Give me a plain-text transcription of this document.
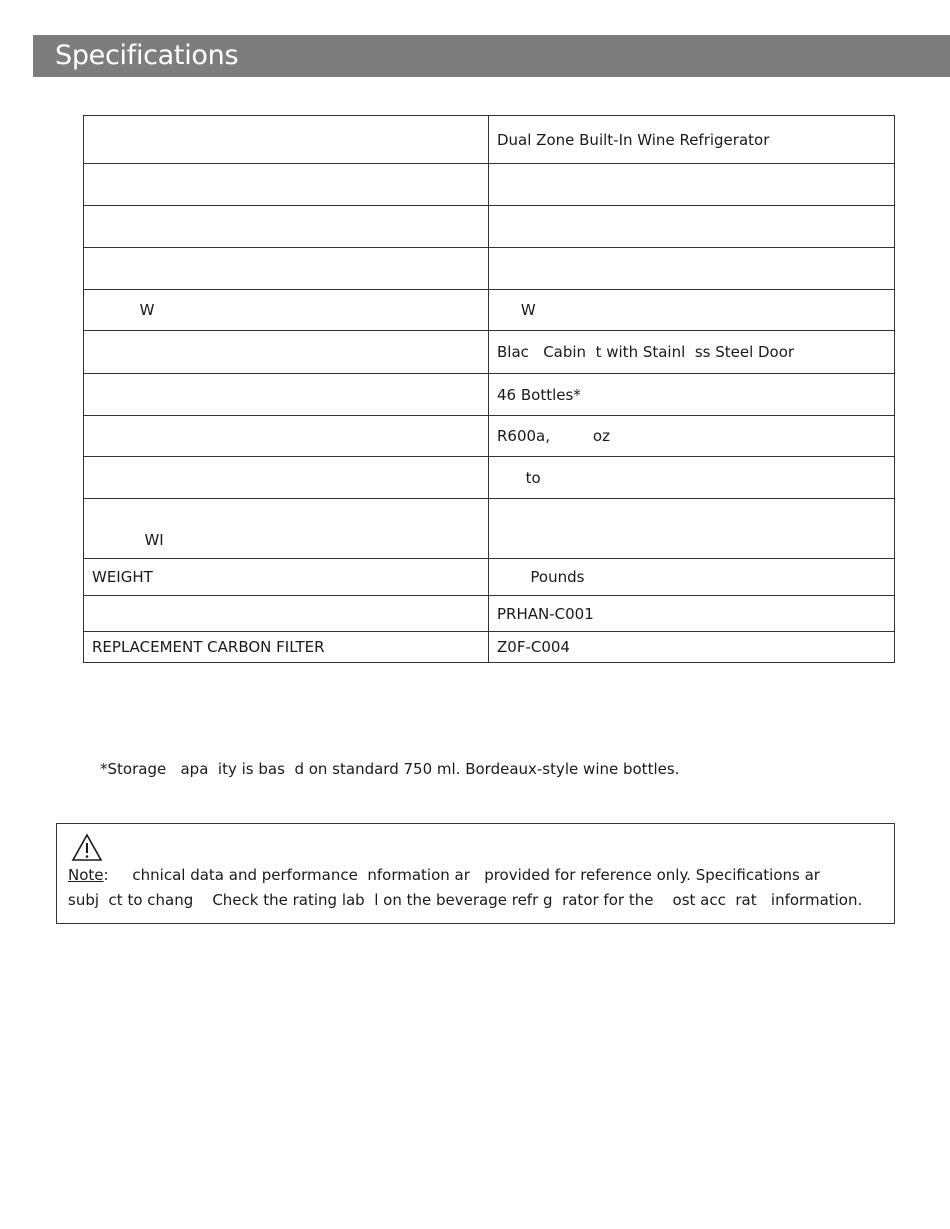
Specifications
	Dual Zone Built-In Wine Refrigerator

W	W
	Blac   Cabin  t with Stainl  ss Steel Door
	46 Bottles*
	R600a,         oz
	to
WI	
WEIGHT	Pounds
	PRHAN-C001
REPLACEMENT CARBON FILTER	Z0F-C004
*Storage   apa  ity is bas  d on standard 750 ml. Bordeaux-style wine bottles.
Note:     chnical data and performance  nformation ar   provided for reference only. Specifications ar
subj  ct to chang    Check the rating lab  l on the beverage refr g  rator for the    ost acc  rat   information.
